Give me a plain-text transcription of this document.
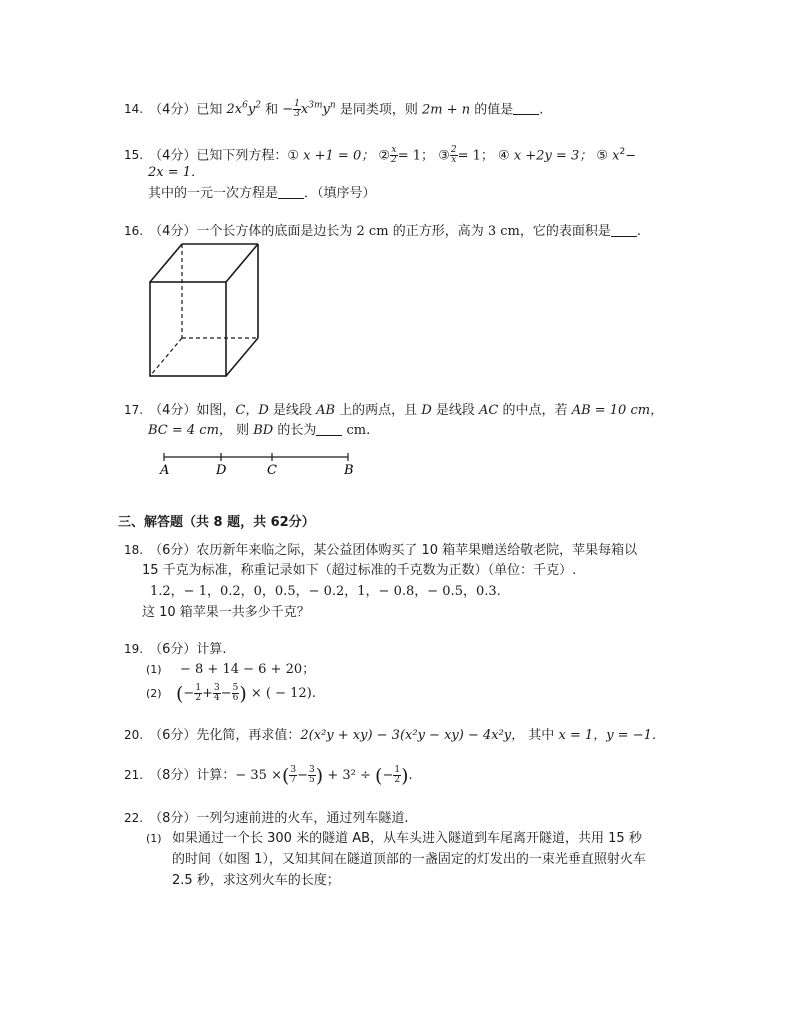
14. （4分）已知 $2x^6y^2$ 和 − $\frac{1}{3} x^{3m}y^n$ 是同类项，则 2m + n 的值是 .
15. （4分）已知下列方程：① x +1 = 0； ② $\frac{x}{2} = 1$； ③ $\frac{2}{x} = 1$； ④ x +2y = 3； ⑤ $x^2-$
2x = 1．
其中的一元一次方程是 ．（填序号）
16. （4分）一个长方体的底面是边长为 2 cm 的正方形，高为 3 cm，它的表面积是 .
17. （4分）如图，C，D 是线段 AB 上的两点，且 D 是线段 AC 的中点，若 AB = 10 cm，
BC = 4 cm， 则 BD 的长为 cm.
A	D	C	B
三、解答题（共 8 题，共 62分）
18. （6分）农历新年来临之际，某公益团体购买了 10 箱苹果赠送给敬老院，苹果每箱以
15 千克为标准，称重记录如下（超过标准的千克数为正数）（单位：千克）.
1.2，− 1，0.2，0，0.5，− 0.2，1，− 0.8，− 0.5，0.3.
这 10 箱苹果一共多少千克？
19. （6分）计算.
(1) − 8 + 14 − 6 + 20；
(2) (− $\frac{1}{2} + \frac{3}{4} - \frac{5}{6}$ ) × ( − 12).
20. （6分）先化简，再求值：2(x²y + xy) − 3(x²y − xy) − 4x²y， 其中 x = 1，y = −1.
21. （8分）计算：− 35 ×( $\frac{3}{7} - \frac{3}{5}$ ) + 3² ÷ (− $\frac{1}{2}$ ).
22. （8分）一列匀速前进的火车，通过列车隧道.
(1) 如果通过一个长 300 米的隧道 AB，从车头进入隧道到车尾离开隧道，共用 15 秒
的时间（如图 1），又知其间在隧道顶部的一盏固定的灯发出的一束光垂直照射火车
2.5 秒，求这列火车的长度；
